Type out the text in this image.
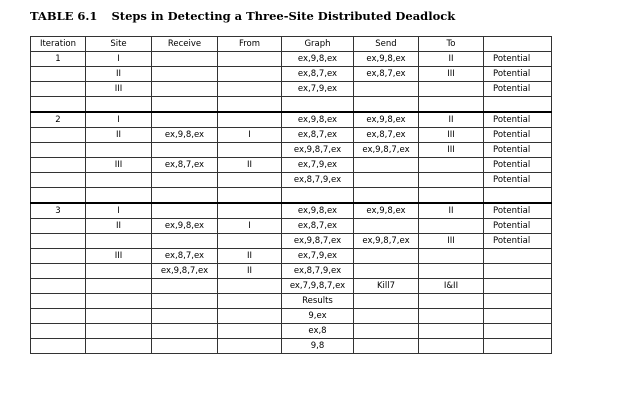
TABLE 6.1 Steps in Detecting a Three-Site Distributed Deadlock
Iteration	Site	Receive	From	Graph	Send	To	
1	I			ex,9,8,ex	ex,9,8,ex	II	Potential
	II			ex,8,7,ex	ex,8,7,ex	III	Potential
	III			ex,7,9,ex			Potential

2	I			ex,9,8,ex	ex,9,8,ex	II	Potential
	II	ex,9,8,ex	I	ex,8,7,ex	ex,8,7,ex	III	Potential
				ex,9,8,7,ex	ex,9,8,7,ex	III	Potential
	III	ex,8,7,ex	II	ex,7,9,ex			Potential
				ex,8,7,9,ex			Potential

3	I			ex,9,8,ex	ex,9,8,ex	II	Potential
	II	ex,9,8,ex	I	ex,8,7,ex			Potential
				ex,9,8,7,ex	ex,9,8,7,ex	III	Potential
	III	ex,8,7,ex	II	ex,7,9,ex			
		ex,9,8,7,ex	II	ex,8,7,9,ex			
				ex,7,9,8,7,ex	Kill7	I&II	
				Results			
				9,ex			
				ex,8			
				9,8			
